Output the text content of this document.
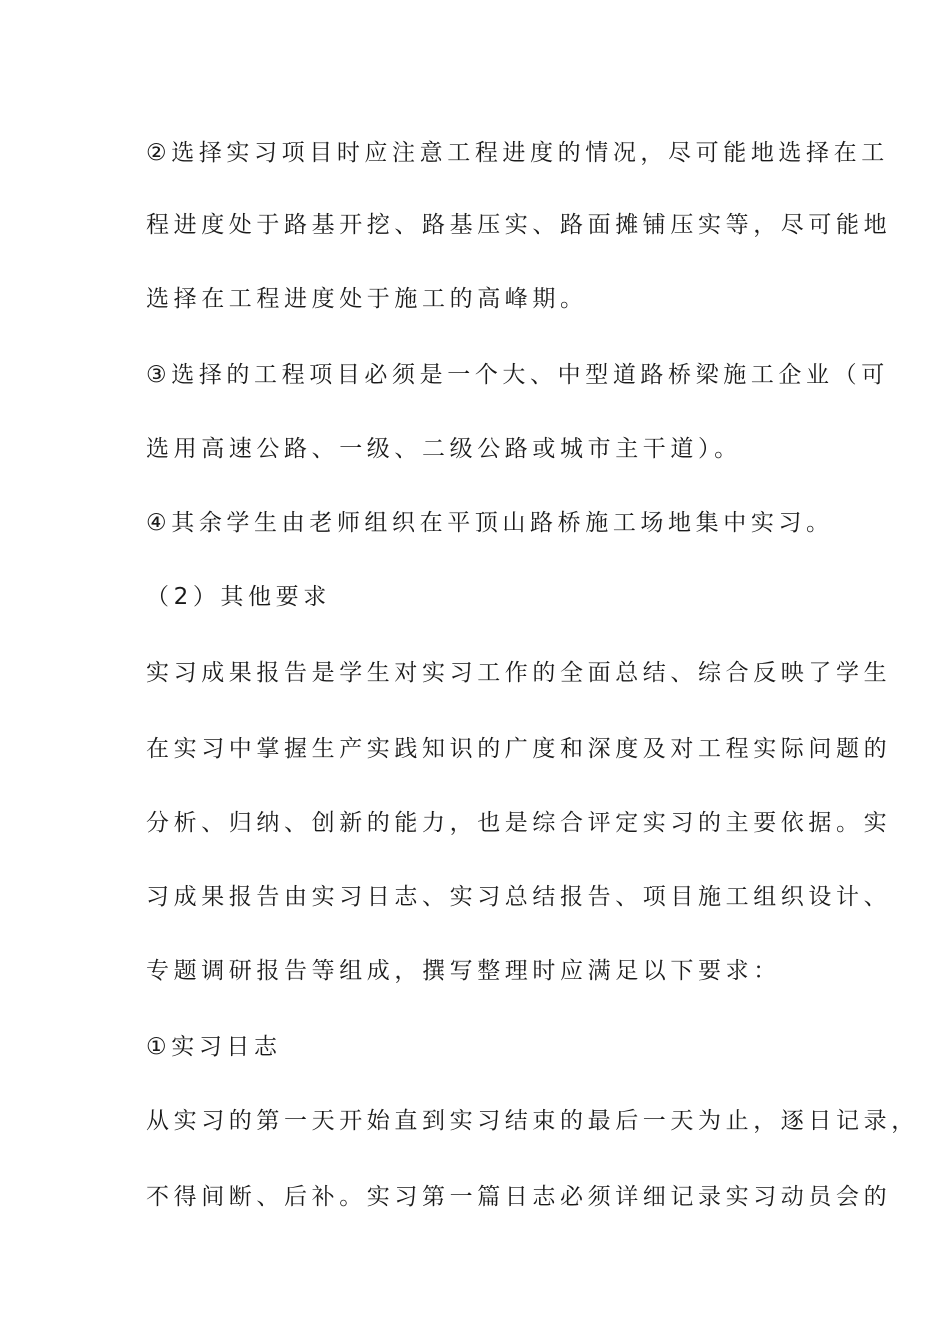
②选择实习项目时应注意工程进度的情况，尽可能地选择在工
程进度处于路基开挖、路基压实、路面摊铺压实等，尽可能地
选择在工程进度处于施工的高峰期。
③选择的工程项目必须是一个大、中型道路桥梁施工企业（可
选用高速公路、一级、二级公路或城市主干道）。
④其余学生由老师组织在平顶山路桥施工场地集中实习。
（2）其他要求
实习成果报告是学生对实习工作的全面总结、综合反映了学生
在实习中掌握生产实践知识的广度和深度及对工程实际问题的
分析、归纳、创新的能力，也是综合评定实习的主要依据。实
习成果报告由实习日志、实习总结报告、项目施工组织设计、
专题调研报告等组成，撰写整理时应满足以下要求：
①实习日志
从实习的第一天开始直到实习结束的最后一天为止，逐日记录，
不得间断、后补。实习第一篇日志必须详细记录实习动员会的
